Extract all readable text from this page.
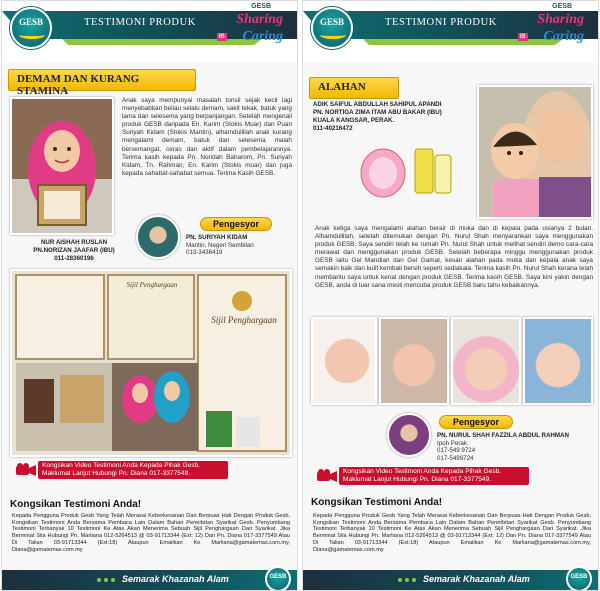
GESB	TESTIMONI PRODUK
GESB
Sharing
IS Caring
DEMAM DAN KURANG STAMINA
Anak saya mempunyai masalah tonsil sejak kecil lagi menyebabkan beliau selalu demam, sakit tekak, batuk yang lama dan selesema yang berpanjangan. Setelah mengenali produk GESB daripada En. Karim (Stokis Muar) dan Puan Suriyah Kidam (Stokis Mantin), alhamdulillah anak kurang mengalami demam, batuk dan selesema malah bersemangat, ceras dan aktif dalam pembelajarannya. Terima kasih kepada Pn. Noridah Baharom, Pn. Suriyah Kidam, Tn. Rahman, En. Karim (Stokis muar) dan juga kepada sahabat-sahabat semua. Terima Kasih GESB.
NUR AISHAH RUSLAN
PN.NORIZAN JAAFAR (IBU)
011-28360196
Pengesyor
PN. SURIYAH KIDAM
Mantin, Negeri Sembilan
013-3436419
Sijil Penghargaan
Sijil Penghargaan
Kongsikan Video Testimoni Anda Kepada Pihak Gesb.
Maklumat Lanjut Hubungi Pn. Diana 017-3377549.
Kongsikan Testimoni Anda!
Kepada Pengguna Produk Gesb Yang Telah Merasai Keberkesanan Dan Berpuas Hati Dengan Produk Gesb, Kongsikan Testimoni Anda Bersama Pembaca Lain Dalam Bahan Penerbitan Syarikat Gesb. Penyumbang Testimoni Terbanyak 10 Testimoni Ke Atas Akan Menerima Sebuah Sijil Penghargaan Dari Syarikat. Jika Berminat Sila Hubungi Pn. Marliana 012-5264513 @ 03-91713344 (Ext: 12) Dan Pn. Diana 017-3377549 Atau Di Talian 03-91713344 (Ext:18) Ataupun Emailkan Ke Marliana@gamatemas.com.my, Diana@gamatemas.com.my
Semarak Khazanah Alam	GESB
GESB	TESTIMONI PRODUK
GESB
Sharing
IS Caring
ALAHAN
ADIK SAIFUL ABDULLAH SAHIPUL APANDI
PN. NORTIGA ZIMA ITAM ABU BAKAR (IBU)
KUALA KANGSAR, PERAK.
011-40216472
Anak ketiga saya mengalami alahan berair di muka dan di kepala pada usianya 2 bulan. Alhamdulillah, setelah ditemukan dengan Pn. Nurul Shah menyarankan saya menggunakan produk GESB. Saya sendiri telah ke rumah Pn. Nurul Shah untuk melihat sendiri demo cara-cara merawat dan menggunakan produk GESB. Setelah beberapa minggu menggunakan produk GESB iaitu Gel Mandian dan Gel Gamat, kesan alahan pada muka dan kepala anak saya semakin baik dan kulit kembali bersih seperti sediakala. Terima kasih Pn. Nurul Shah kerana telah membantu saya untuk kenal dengan produk GESB. Terima kasih GESB. Saya kini yakin dengan GESB, anda di luar sana mesti mencuba produk GESB baru tahu kebaikannya.
Pengesyor
PN. NURUL SHAH FAZZILA ABDUL RAHMAN
Ipoh Perak.
017-549 9724
017-5499724
Kongsikan Video Testimoni Anda Kepada Pihak Gesb.
Maklumat Lanjut Hubungi Pn. Diana 017-3377549.
Kongsikan Testimoni Anda!
Kepada Pengguna Produk Gesb Yang Telah Merasai Keberkesanan Dan Berpuas Hati Dengan Produk Gesb, Kongsikan Testimoni Anda Bersama Pembaca Lain Dalam Bahan Penerbitan Syarikat Gesb. Penyumbang Testimoni Terbanyak 10 Testimoni Ke Atas Akan Menerima Sebuah Sijil Penghargaan Dari Syarikat. Jika Berminat Sila Hubungi Pn. Marliana 012-5264513 @ 03-91713344 (Ext: 12) Dan Pn. Diana 017-3377549 Atau Di Talian 03-91713344 (Ext:18) Ataupun Emailkan Ke Marliana@gamatemas.com.my, Diana@gamatemas.com.my
Semarak Khazanah Alam	GESB
